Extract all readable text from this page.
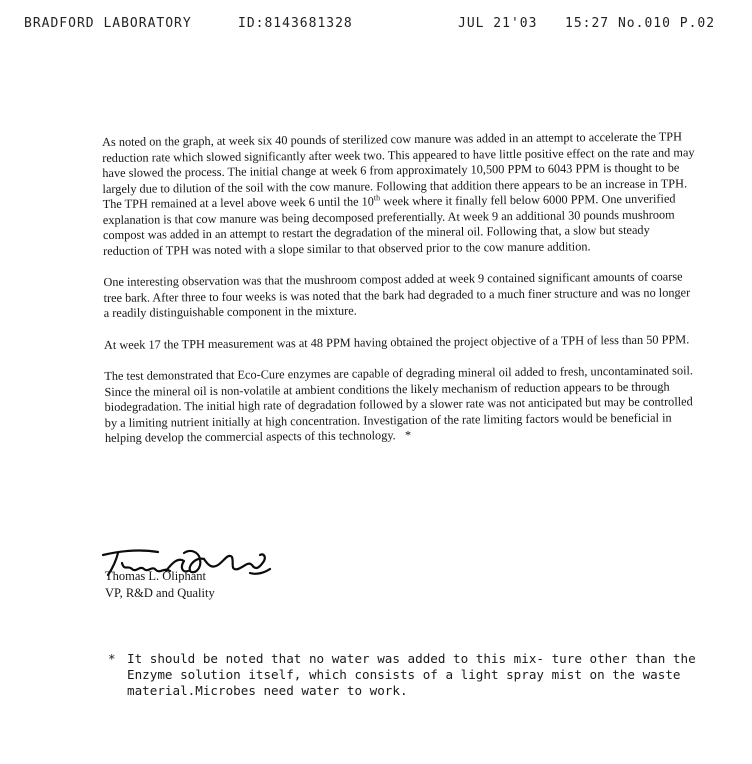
BRADFORD LABORATORY	ID:8143681328	JUL 21'03 15:27 No.010 P.02

As noted on the graph, at week six 40 pounds of sterilized cow manure was added in an attempt to accelerate the TPH reduction rate which slowed significantly after week two. This appeared to have little positive effect on the rate and may have slowed the process. The initial change at week 6 from approximately 10,500 PPM to 6043 PPM is thought to be largely due to dilution of the soil with the cow manure. Following that addition there appears to be an increase in TPH. The TPH remained at a level above week 6 until the 10th week where it finally fell below 6000 PPM. One unverified explanation is that cow manure was being decomposed preferentially. At week 9 an additional 30 pounds mushroom compost was added in an attempt to restart the degradation of the mineral oil. Following that, a slow but steady reduction of TPH was noted with a slope similar to that observed prior to the cow manure addition.

One interesting observation was that the mushroom compost added at week 9 contained significant amounts of coarse tree bark. After three to four weeks is was noted that the bark had degraded to a much finer structure and was no longer a readily distinguishable component in the mixture.

At week 17 the TPH measurement was at 48 PPM having obtained the project objective of a TPH of less than 50 PPM.

The test demonstrated that Eco-Cure enzymes are capable of degrading mineral oil added to fresh, uncontaminated soil. Since the mineral oil is non-volatile at ambient conditions the likely mechanism of reduction appears to be through biodegradation. The initial high rate of degradation followed by a slower rate was not anticipated but may be controlled by a limiting nutrient initially at high concentration. Investigation of the rate limiting factors would be beneficial in helping develop the commercial aspects of this technology. *

Thomas L. Oliphant
VP, R&D and Quality
* It should be noted that no water was added to this mix- ture other than the Enzyme solution itself, which consists of a light spray mist on the waste material.Microbes need water to work.
